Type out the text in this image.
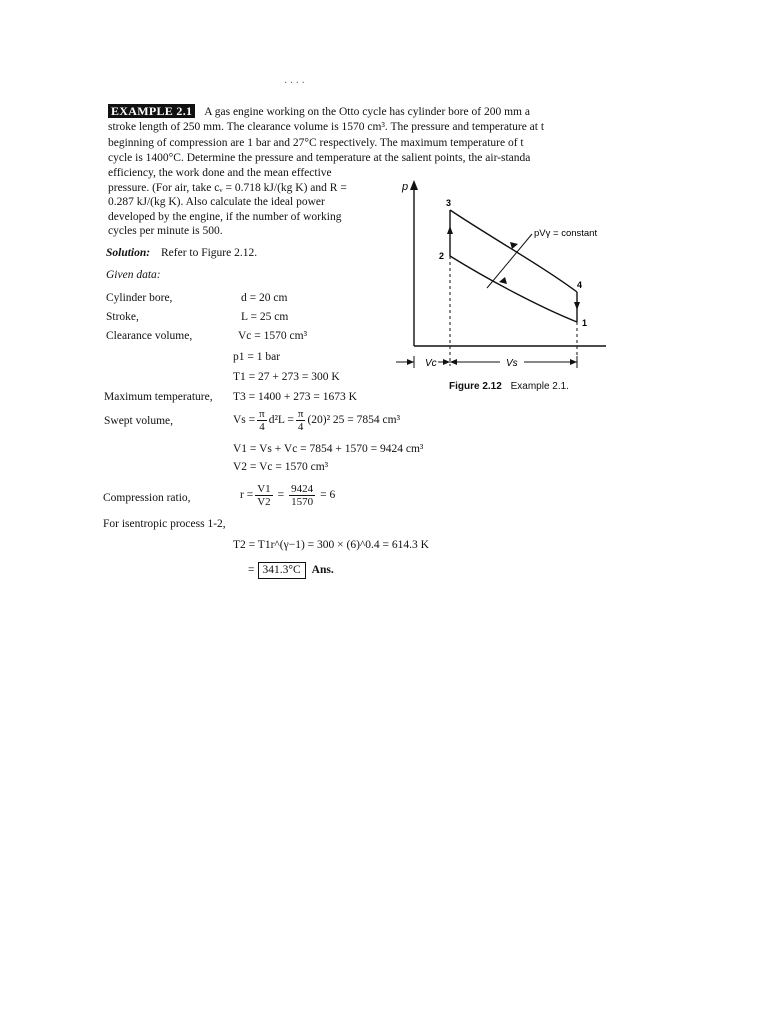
· · · ·
EXAMPLE 2.1 A gas engine working on the Otto cycle has cylinder bore of 200 mm a
stroke length of 250 mm. The clearance volume is 1570 cm³. The pressure and temperature at t
beginning of compression are 1 bar and 27°C respectively. The maximum temperature of t
cycle is 1400°C. Determine the pressure and temperature at the salient points, the air-standa
efficiency, the work done and the mean effective
pressure. (For air, take cᵥ = 0.718 kJ/(kg K) and R =
0.287 kJ/(kg K). Also calculate the ideal power
developed by the engine, if the number of working
cycles per minute is 500.
Solution: Refer to Figure 2.12.
Given data:
Cylinder bore,	d = 20 cm
Stroke,	L = 25 cm
Clearance volume,	Vc = 1570 cm³
p1 = 1 bar
T1 = 27 + 273 = 300 K
Maximum temperature, T3 = 1400 + 273 = 1673 K
Swept volume,	$Vs = \frac{\pi}{4} d^2L = \frac{\pi}{4} (20)^2$ 25 = 7854 cm³
V1 = Vs + Vc = 7854 + 1570 = 9424 cm³
V2 = Vc = 1570 cm³
Compression ratio,	$r = \frac{V1}{V2} = \frac{9424}{1570} = 6$
For isentropic process 1-2,
T2 = T1r^(γ−1) = 300 × (6)^0.4 = 614.3 K
= 341.3°C Ans.
p
pVγ = constant
3
2
4
1
Vc	Vs
Figure 2.12 Example 2.1.
